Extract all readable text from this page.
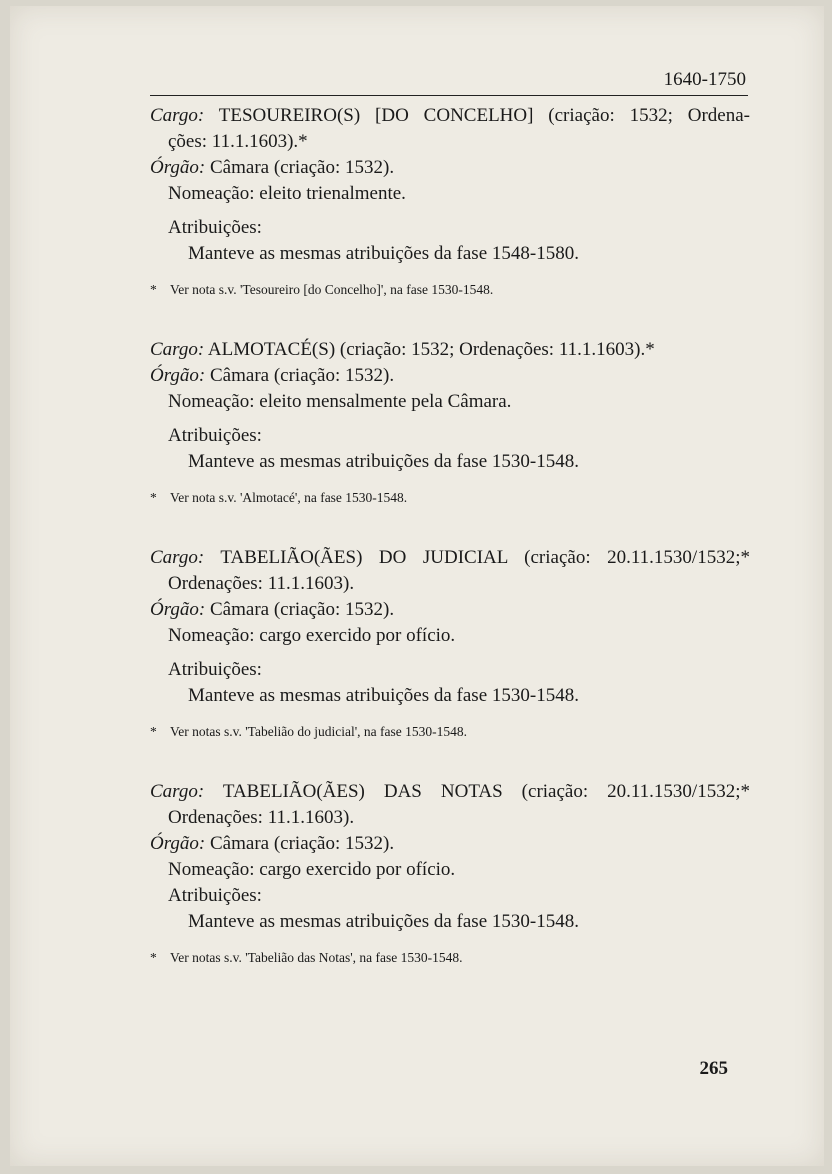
1640-1750
Cargo: TESOUREIRO(S) [DO CONCELHO] (criação: 1532; Ordena-
ções: 11.1.1603).*
Órgão: Câmara (criação: 1532).
Nomeação: eleito trienalmente.
Atribuições:
Manteve as mesmas atribuições da fase 1548-1580.
* Ver nota s.v. 'Tesoureiro [do Concelho]', na fase 1530-1548.
Cargo: ALMOTACÉ(S) (criação: 1532; Ordenações: 11.1.1603).*
Órgão: Câmara (criação: 1532).
Nomeação: eleito mensalmente pela Câmara.
Atribuições:
Manteve as mesmas atribuições da fase 1530-1548.
* Ver nota s.v. 'Almotacé', na fase 1530-1548.
Cargo: TABELIÃO(ÃES) DO JUDICIAL (criação: 20.11.1530/1532;*
Ordenações: 11.1.1603).
Órgão: Câmara (criação: 1532).
Nomeação: cargo exercido por ofício.
Atribuições:
Manteve as mesmas atribuições da fase 1530-1548.
* Ver notas s.v. 'Tabelião do judicial', na fase 1530-1548.
Cargo: TABELIÃO(ÃES) DAS NOTAS (criação: 20.11.1530/1532;*
Ordenações: 11.1.1603).
Órgão: Câmara (criação: 1532).
Nomeação: cargo exercido por ofício.
Atribuições:
Manteve as mesmas atribuições da fase 1530-1548.
* Ver notas s.v. 'Tabelião das Notas', na fase 1530-1548.
265
